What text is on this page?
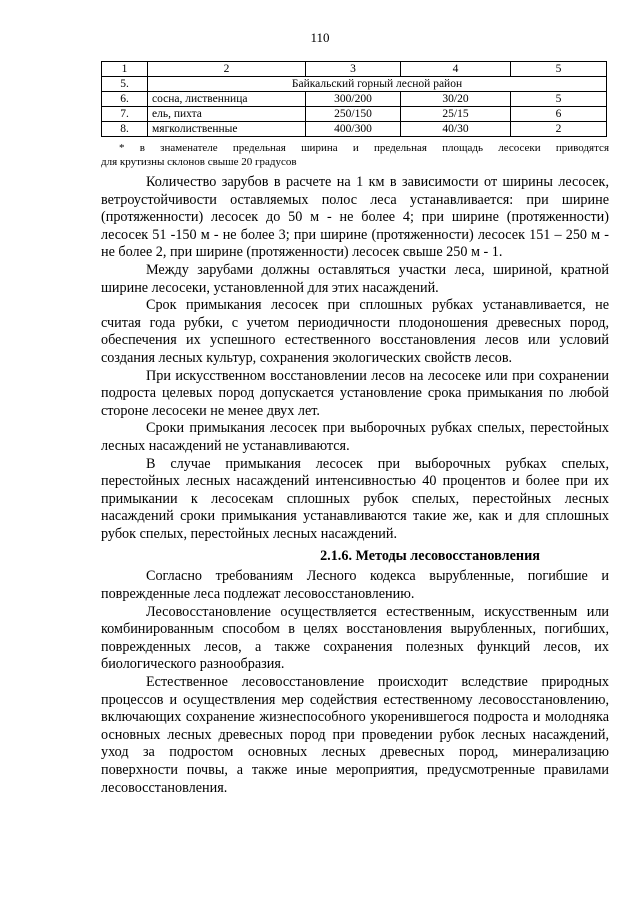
110
1	2	3	4	5
5.	Байкальский горный лесной район			
6.	сосна, лиственница	300/200	30/20	5
7.	ель, пихта	250/150	25/15	6
8.	мягколиственные	400/300	40/30	2

* в знаменателе предельная ширина и предельная площадь лесосеки приводятся

для крутизны склонов свыше 20 градусов

Количество зарубов в расчете на 1 км в зависимости от ширины лесосек, ветроустойчивости оставляемых полос леса устанавливается: при ширине (протяженности) лесосек до 50 м - не более 4; при ширине (протяженности) лесосек 51 -150 м - не более 3; при ширине (протяженности) лесосек 151 – 250 м - не более 2, при ширине (протяженности) лесосек свыше 250 м - 1.

Между зарубами должны оставляться участки леса, шириной, кратной ширине лесосеки, установленной для этих насаждений.

Срок примыкания лесосек при сплошных рубках устанавливается, не считая года рубки, с учетом периодичности плодоношения древесных пород, обеспечения их успешного естественного восстановления лесов или условий создания лесных культур, сохранения экологических свойств лесов.

При искусственном восстановлении лесов на лесосеке или при сохранении подроста целевых пород допускается установление срока примыкания по любой стороне лесосеки не менее двух лет.

Сроки примыкания лесосек при выборочных рубках спелых, перестойных лесных насаждений не устанавливаются.

В случае примыкания лесосек при выборочных рубках спелых, перестойных лесных насаждений интенсивностью 40 процентов и более при их примыкании к лесосекам сплошных рубок спелых, перестойных лесных насаждений сроки примыкания устанавливаются такие же, как и для сплошных рубок спелых, перестойных лесных насаждений.

2.1.6. Методы лесовосстановления

Согласно требованиям Лесного кодекса вырубленные, погибшие и поврежденные леса подлежат лесовосстановлению.

Лесовосстановление осуществляется естественным, искусственным или комбинированным способом в целях восстановления вырубленных, погибших, поврежденных лесов, а также сохранения полезных функций лесов, их биологического разнообразия.

Естественное лесовосстановление происходит вследствие природных процессов и осуществления мер содействия естественному лесовосстановлению, включающих сохранение жизнеспособного укоренившегося подроста и молодняка основных лесных древесных пород при проведении рубок лесных насаждений, уход за подростом основных лесных древесных пород, минерализацию поверхности почвы, а также иные мероприятия, предусмотренные правилами лесовосстановления.
